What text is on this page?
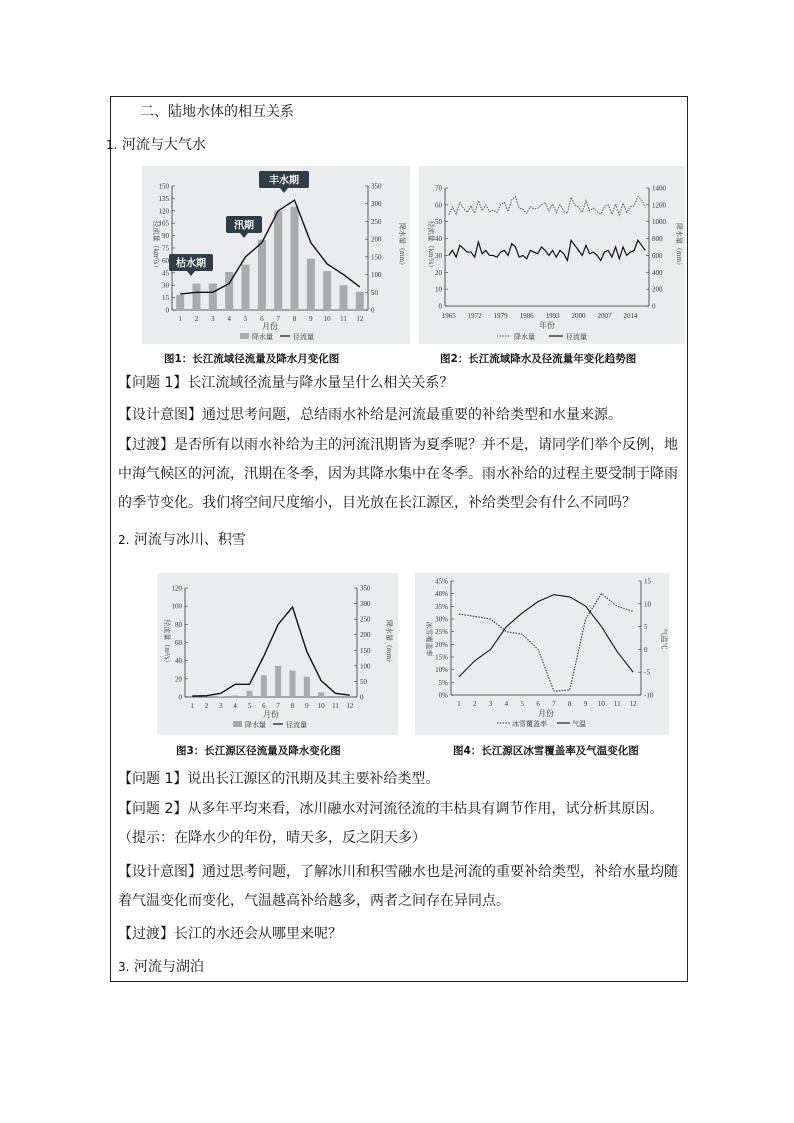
二、陆地水体的相互关系
1. 河流与大气水
0
15
30
45
60
75
90
105
120
135
150
0
50
100
150
200
250
300
350
1 2 3 4 5 6 7 8 9 10 11 12
径流量（km³/s）	降水量（mm）
月份
降水量	径流量
枯水期
汛期
丰水期
图1：长江流域径流量及降水月变化图
0
10
20
30
40
50
60
70
0
200
400
600
800
1000
1200
1400
1965 1972 1979 1986 1993 2000 2007 2014
径流量（km³/s）	降水量（mm）
年份
降水量	径流量
图2：长江流域降水及径流量年变化趋势图
【问题 1】长江流域径流量与降水量呈什么相关关系？
【设计意图】通过思考问题，总结雨水补给是河流最重要的补给类型和水量来源。
【过渡】是否所有以雨水补给为主的河流汛期皆为夏季呢？并不是，请同学们举个反例，地中海气候区的河流，汛期在冬季，因为其降水集中在冬季。雨水补给的过程主要受制于降雨的季节变化。我们将空间尺度缩小，目光放在长江源区，补给类型会有什么不同吗？
2. 河流与冰川、积雪
0
20
40
60
80
100
120
0
50
100
150
200
250
300
350
1 2 3 4 5 6 7 8 9 10 11 12
径流量（m³/s）	降水量（mm）
月份
降水量	径流量
图3：长江源区径流量及降水变化图
0%
5%
10%
15%
20%
25%
30%
35%
40%
45%
-10
-5
0
5
10
15
1 2 3 4 5 6 7 8 9 10 11 12
冰雪覆盖率	气温℃
月份
冰雪覆盖率	气温
图4：长江源区冰雪覆盖率及气温变化图
【问题 1】说出长江源区的汛期及其主要补给类型。
【问题 2】从多年平均来看，冰川融水对河流径流的丰枯具有调节作用，试分析其原因。（提示：在降水少的年份，晴天多，反之阴天多）
【设计意图】通过思考问题，了解冰川和积雪融水也是河流的重要补给类型，补给水量均随着气温变化而变化，气温越高补给越多，两者之间存在异同点。
【过渡】长江的水还会从哪里来呢？
3. 河流与湖泊
